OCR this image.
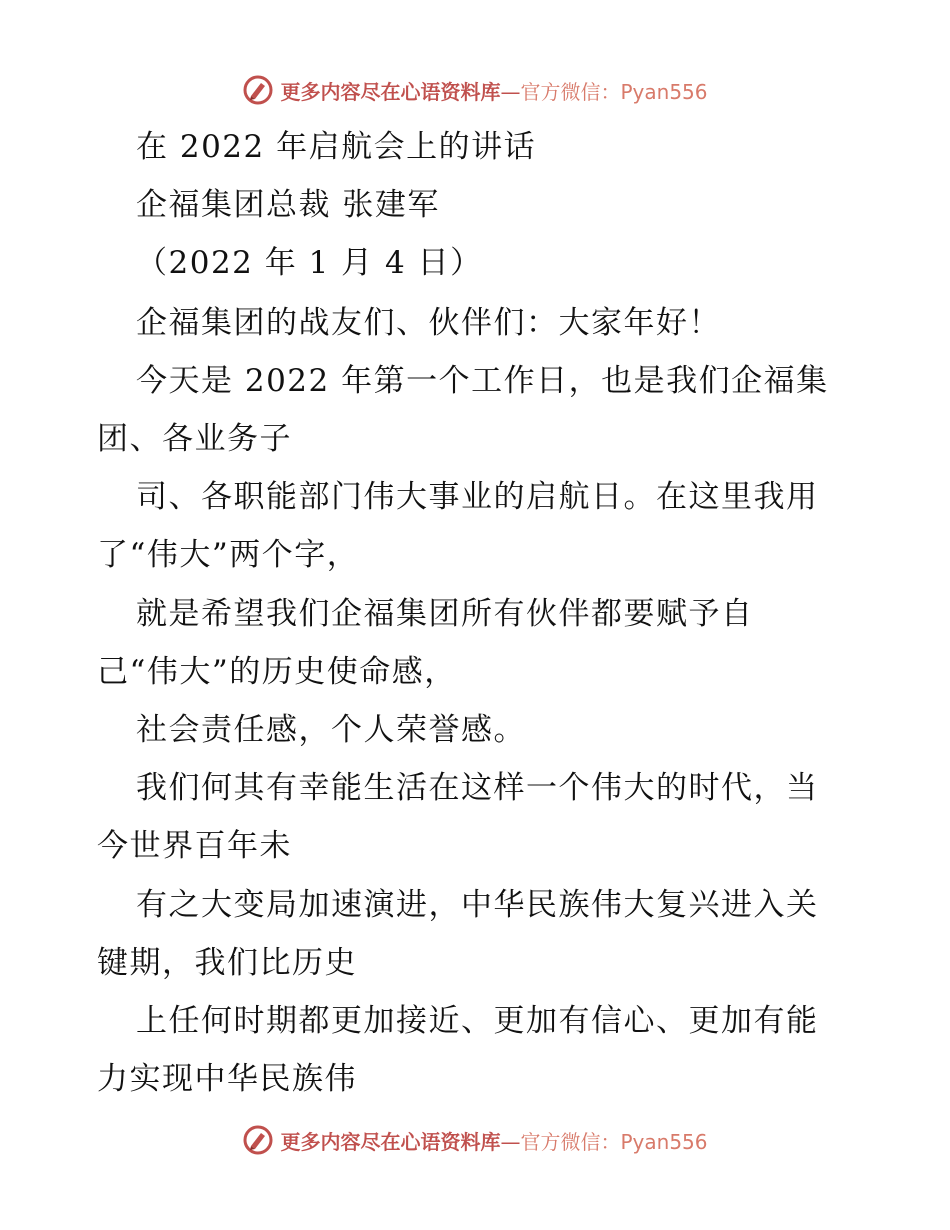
更多内容尽在心语资料库—官方微信：Pyan556
在 2022 年启航会上的讲话
企福集团总裁 张建军
（2022 年 1 月 4 日）
企福集团的战友们、伙伴们：大家年好！
今天是 2022 年第一个工作日，也是我们企福集
团、各业务子
司、各职能部门伟大事业的启航日。在这里我用
了“伟大”两个字，
就是希望我们企福集团所有伙伴都要赋予自
己“伟大”的历史使命感，
社会责任感，个人荣誉感。
我们何其有幸能生活在这样一个伟大的时代，当
今世界百年未
有之大变局加速演进，中华民族伟大复兴进入关
键期，我们比历史
上任何时期都更加接近、更加有信心、更加有能
力实现中华民族伟
更多内容尽在心语资料库—官方微信：Pyan556
